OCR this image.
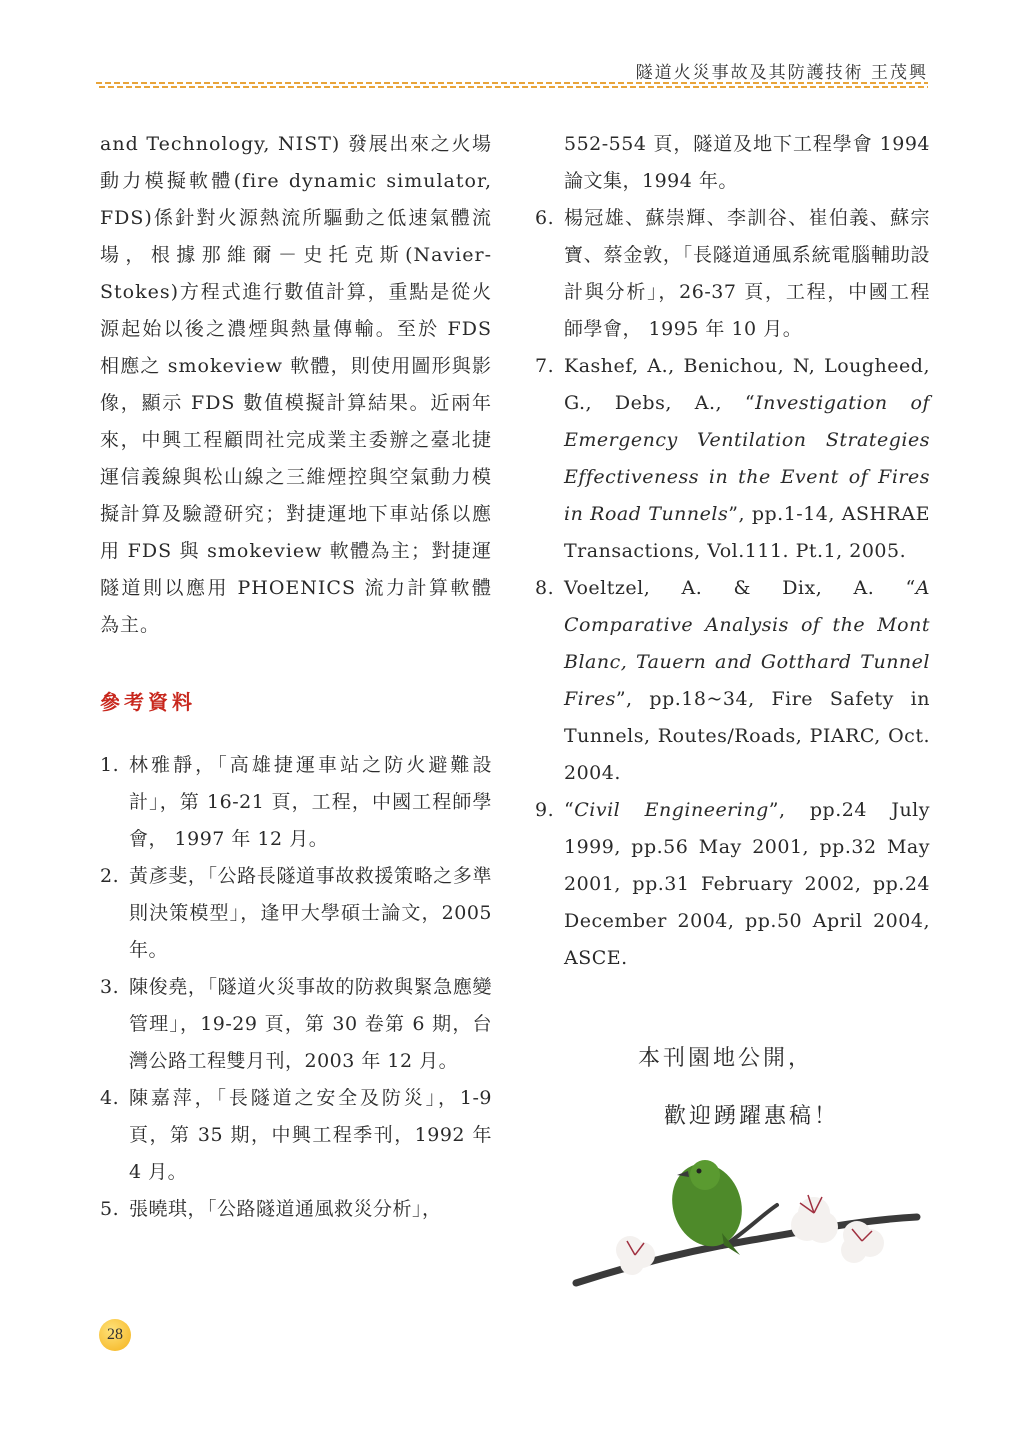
隧道火災事故及其防護技術 王茂興

and Technology, NIST) 發展出來之火場動力模擬軟體(fire dynamic simulator, FDS)係針對火源熱流所驅動之低速氣體流場，根據那維爾－史托克斯(Navier-Stokes)方程式進行數值計算，重點是從火源起始以後之濃煙與熱量傳輸。至於 FDS 相應之 smokeview 軟體，則使用圖形與影像，顯示 FDS 數值模擬計算結果。近兩年來，中興工程顧問社完成業主委辦之臺北捷運信義線與松山線之三維煙控與空氣動力模擬計算及驗證研究；對捷運地下車站係以應用 FDS 與 smokeview 軟體為主；對捷運隧道則以應用 PHOENICS 流力計算軟體為主。

參考資料
1. 林雅靜，「高雄捷運車站之防火避難設計」，第 16-21 頁，工程，中國工程師學會， 1997 年 12 月。
2. 黃彥斐，「公路長隧道事故救援策略之多準則決策模型」，逢甲大學碩士論文，2005 年。
3. 陳俊堯，「隧道火災事故的防救與緊急應變管理」，19-29 頁，第 30 卷第 6 期，台灣公路工程雙月刊，2003 年 12 月。
4. 陳嘉萍，「長隧道之安全及防災」，1-9 頁，第 35 期，中興工程季刊，1992 年 4 月。
5. 張曉琪，「公路隧道通風救災分析」，
552-554 頁，隧道及地下工程學會 1994 論文集，1994 年。
6. 楊冠雄、蘇崇輝、李訓谷、崔伯義、蘇宗寶、蔡金敦，「長隧道通風系統電腦輔助設計與分析」，26-37 頁，工程，中國工程師學會， 1995 年 10 月。
7. Kashef, A., Benichou, N, Lougheed, G., Debs, A., “Investigation of Emergency Ventilation Strategies Effectiveness in the Event of Fires in Road Tunnels”, pp.1-14, ASHRAE Transactions, Vol.111. Pt.1, 2005.
8. Voeltzel, A. & Dix, A. “A Comparative Analysis of the Mont Blanc, Tauern and Gotthard Tunnel Fires”, pp.18~34, Fire Safety in Tunnels, Routes/Roads, PIARC, Oct. 2004.
9. “Civil Engineering”, pp.24 July 1999, pp.56 May 2001, pp.32 May 2001, pp.31 February 2002, pp.24 December 2004, pp.50 April 2004, ASCE.
本刊園地公開，
歡迎踴躍惠稿！
28
